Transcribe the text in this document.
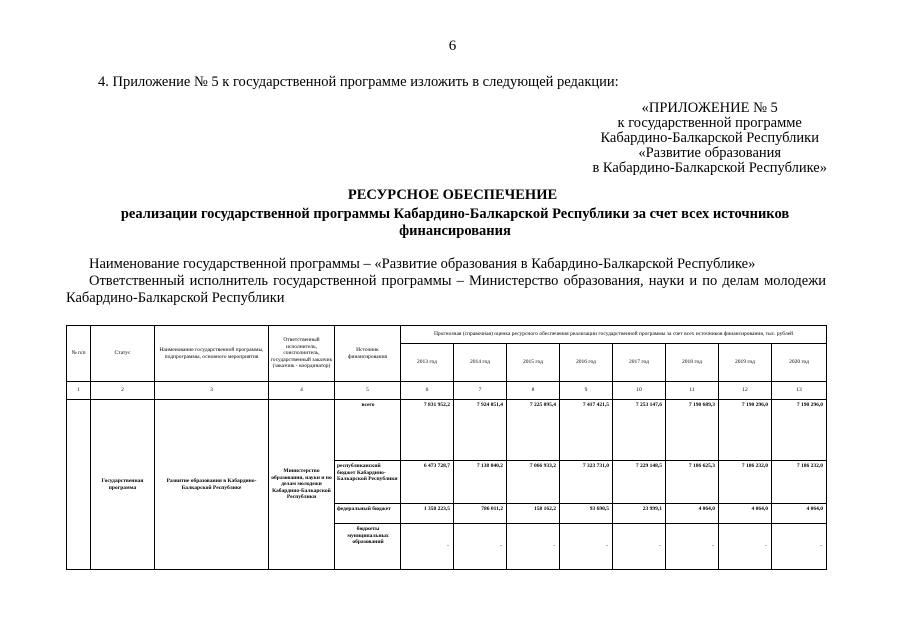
6
4. Приложение № 5 к государственной программе изложить в следующей редакции:
«ПРИЛОЖЕНИЕ № 5
к государственной программе
Кабардино-Балкарской Республики
«Развитие образования
в Кабардино-Балкарской Республике»
РЕСУРСНОЕ ОБЕСПЕЧЕНИЕ
реализации государственной программы Кабардино-Балкарской Республики за счет всех источников финансирования
Наименование государственной программы – «Развитие образования в Кабардино-Балкарской Республике»
Ответственный исполнитель государственной программы – Министерство образования, науки и по делам молодежи Кабардино-Балкарской Республики
№ п/п	Статус	Наименование государственной программы, подпрограммы, основного мероприятия	Ответственный исполнитель, соисполнитель, государственный заказчик (заказчик - координатор)	Источник финансирования	Прогнозная (справочная) оценка ресурсного обеспечения реализации государственной программы за счет всех источников финансирования, тыс. рублей							
					2013 год	2014 год	2015 год	2016 год	2017 год	2018 год	2019 год	2020 год
1	2	3	4	5	6	7	8	9	10	11	12	13
	Государственная программа	Развитие образования в Кабардино-Балкарской Республике	Министерство образования, науки и по делам молодежи Кабардино-Балкарской Республики	всего	7 831 952,2	7 924 851,4	7 225 095,4	7 417 421,5	7 253 147,6	7 190 689,3	7 190 296,0	7 190 296,0
				республиканский бюджет Кабардино-Балкарской Республики	6 473 728,7	7 138 840,2	7 066 933,2	7 323 731,0	7 229 148,5	7 186 625,3	7 186 232,0	7 186 232,0
				федеральный бюджет	1 358 223,5	786 011,2	158 162,2	93 690,5	23 999,1	4 064,0	4 064,0	4 064,0
				бюджеты муниципальных образований	-	-	-	-	-	-	-	-
